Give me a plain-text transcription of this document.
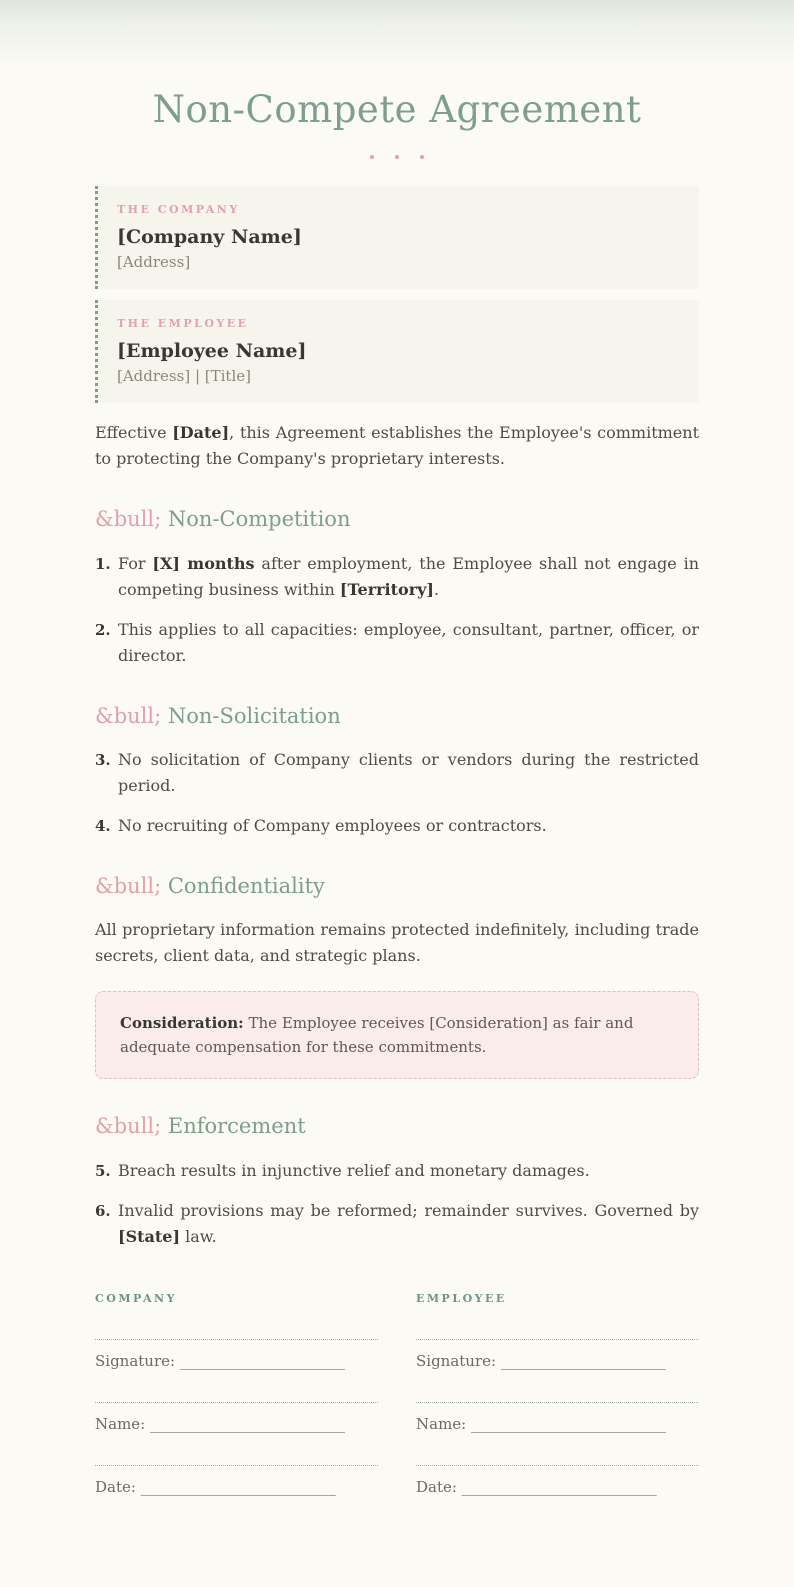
Non-Compete Agreement
THE COMPANY
[Company Name]
[Address]
THE EMPLOYEE
[Employee Name]
[Address] | [Title]

Effective [Date], this Agreement establishes the Employee's commitment to protecting the Company's proprietary interests.

&bull; Non-Competition
1. For [X] months after employment, the Employee shall not engage in competing business within [Territory].
2. This applies to all capacities: employee, consultant, partner, officer, or director.
&bull; Non-Solicitation
3. No solicitation of Company clients or vendors during the restricted period.
4. No recruiting of Company employees or contractors.
&bull; Confidentiality

All proprietary information remains protected indefinitely, including trade secrets, client data, and strategic plans.

Consideration: The Employee receives [Consideration] as fair and adequate compensation for these commitments.
&bull; Enforcement
5. Breach results in injunctive relief and monetary damages.
6. Invalid provisions may be reformed; remainder survives. Governed by [State] law.
COMPANY
Signature: ______________________
Name: __________________________
Date: __________________________
EMPLOYEE
Signature: ______________________
Name: __________________________
Date: __________________________
